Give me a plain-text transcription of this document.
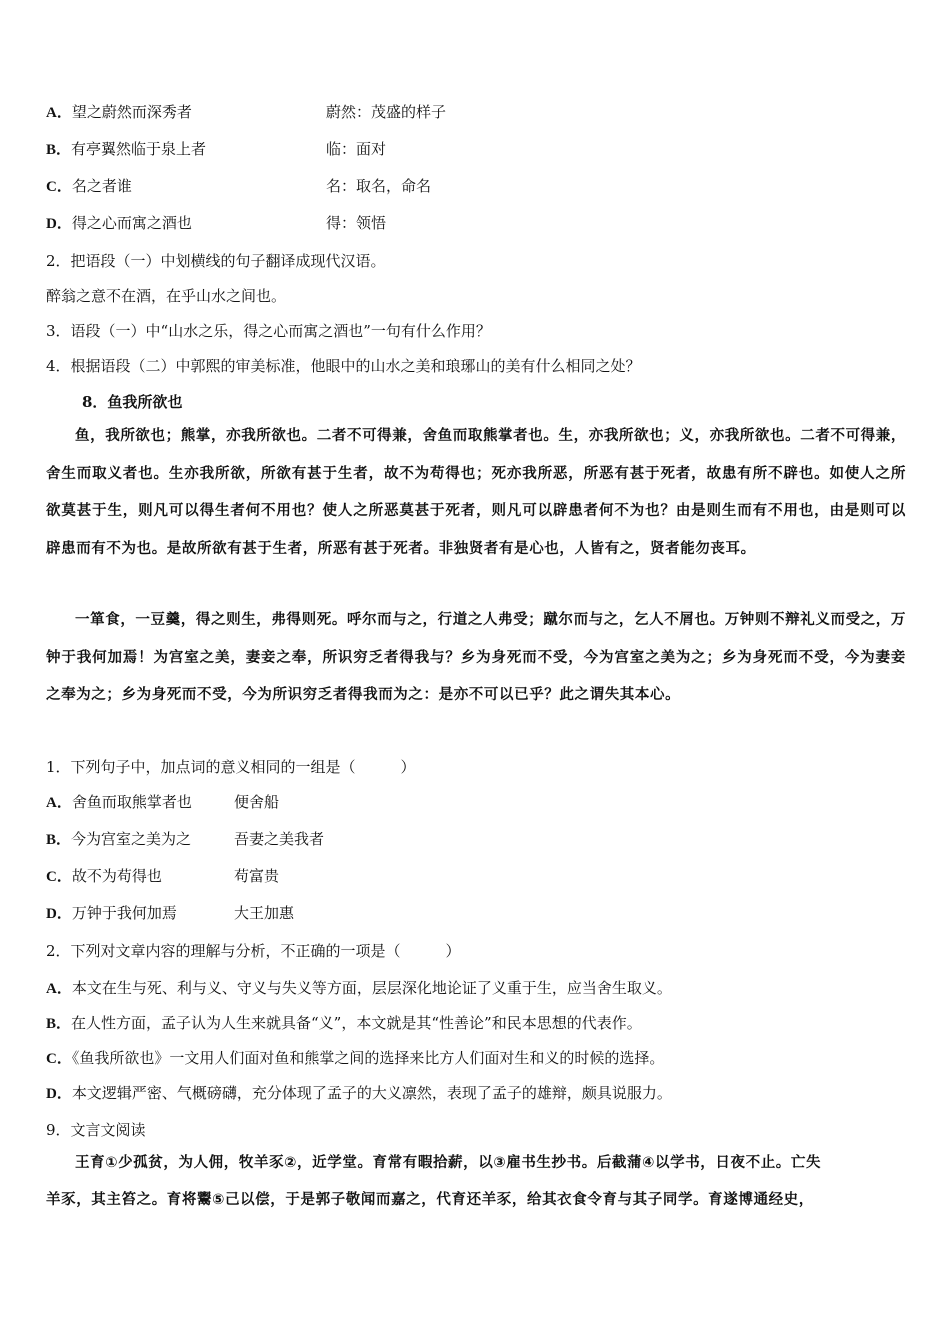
A．望之蔚然而深秀者	蔚然：茂盛的样子
B．有亭翼然临于泉上者	临：面对
C．名之者谁	名：取名，命名
D．得之心而寓之酒也	得：领悟
2．把语段（一）中划横线的句子翻译成现代汉语。
醉翁之意不在酒，在乎山水之间也。
3．语段（一）中“山水之乐，得之心而寓之酒也”一句有什么作用？
4．根据语段（二）中郭熙的审美标准，他眼中的山水之美和琅琊山的美有什么相同之处？
8．鱼我所欲也
鱼，我所欲也；熊掌，亦我所欲也。二者不可得兼，舍鱼而取熊掌者也。生，亦我所欲也；义，亦我所欲也。二者不可得兼，舍生而取义者也。生亦我所欲，所欲有甚于生者，故不为苟得也；死亦我所恶，所恶有甚于死者，故患有所不辟也。如使人之所欲莫甚于生，则凡可以得生者何不用也？使人之所恶莫甚于死者，则凡可以辟患者何不为也？由是则生而有不用也，由是则可以辟患而有不为也。是故所欲有甚于生者，所恶有甚于死者。非独贤者有是心也，人皆有之，贤者能勿丧耳。
一箪食，一豆羹，得之则生，弗得则死。呼尔而与之，行道之人弗受；蹴尔而与之，乞人不屑也。万钟则不辩礼义而受之，万钟于我何加焉！为宫室之美，妻妾之奉，所识穷乏者得我与？乡为身死而不受，今为宫室之美为之；乡为身死而不受，今为妻妾之奉为之；乡为身死而不受，今为所识穷乏者得我而为之：是亦不可以已乎？此之谓失其本心。
1．下列句子中，加点词的意义相同的一组是（　　　）
A．舍鱼而取熊掌者也	便舍船
B．今为宫室之美为之	吾妻之美我者
C．故不为苟得也	苟富贵
D．万钟于我何加焉	大王加惠
2．下列对文章内容的理解与分析，不正确的一项是（　　　）
A．本文在生与死、利与义、守义与失义等方面，层层深化地论证了义重于生，应当舍生取义。
B．在人性方面，孟子认为人生来就具备“义”，本文就是其“性善论”和民本思想的代表作。
C．《鱼我所欲也》一文用人们面对鱼和熊掌之间的选择来比方人们面对生和义的时候的选择。
D．本文逻辑严密、气概磅礴，充分体现了孟子的大义凛然，表现了孟子的雄辩，颇具说服力。
9．文言文阅读
王育①少孤贫，为人佣，牧羊豕②，近学堂。育常有暇拾薪，以③雇书生抄书。后截蒲④以学书，日夜不止。亡失
羊豕，其主笞之。育将鬻⑤己以偿，于是郭子敬闻而嘉之，代育还羊豕，给其衣食令育与其子同学。育遂博通经史，
